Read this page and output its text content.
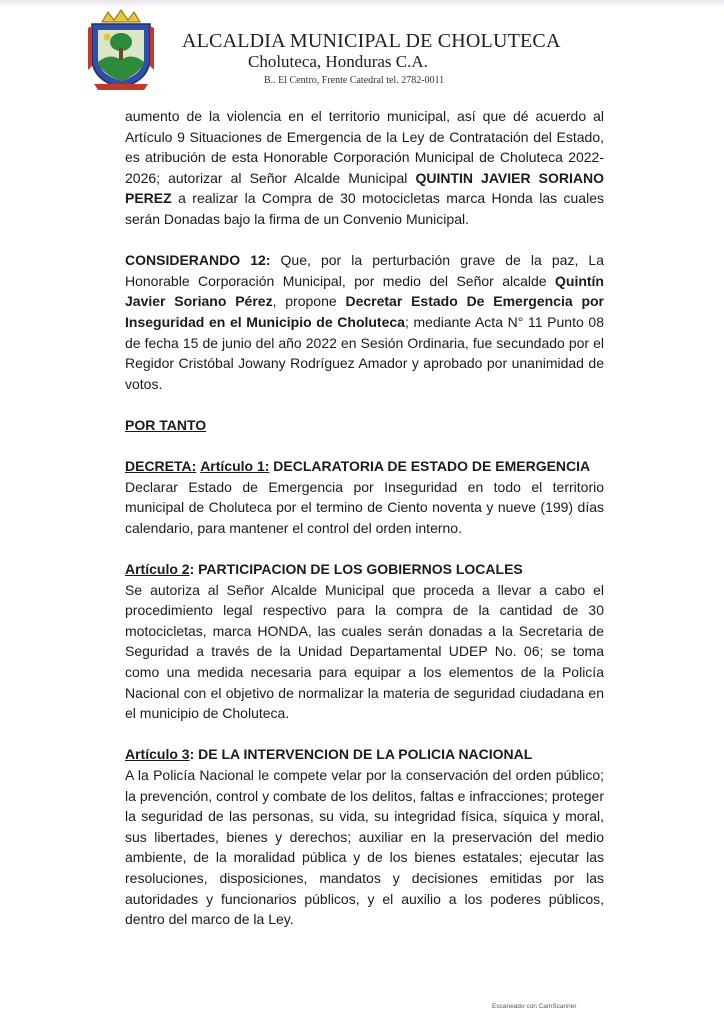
ALCALDIA MUNICIPAL DE CHOLUTECA
Choluteca, Honduras C.A.
B.. El Centro, Frente Catedral tel. 2782-0011

aumento de la violencia en el territorio municipal, así que dé acuerdo al Artículo 9 Situaciones de Emergencia de la Ley de Contratación del Estado, es atribución de esta Honorable Corporación Municipal de Choluteca 2022-2026; autorizar al Señor Alcalde Municipal QUINTIN JAVIER SORIANO PEREZ a realizar la Compra de 30 motocicletas marca Honda las cuales serán Donadas bajo la firma de un Convenio Municipal.

CONSIDERANDO 12: Que, por la perturbación grave de la paz, La Honorable Corporación Municipal, por medio del Señor alcalde Quintín Javier Soriano Pérez, propone Decretar Estado De Emergencia por Inseguridad en el Municipio de Choluteca; mediante Acta N° 11 Punto 08 de fecha 15 de junio del año 2022 en Sesión Ordinaria, fue secundado por el Regidor Cristóbal Jowany Rodríguez Amador y aprobado por unanimidad de votos.

POR TANTO

DECRETA: Artículo 1: DECLARATORIA DE ESTADO DE EMERGENCIA

Declarar Estado de Emergencia por Inseguridad en todo el territorio municipal de Choluteca por el termino de Ciento noventa y nueve (199) días calendario, para mantener el control del orden interno.

Artículo 2: PARTICIPACION DE LOS GOBIERNOS LOCALES

Se autoriza al Señor Alcalde Municipal que proceda a llevar a cabo el procedimiento legal respectivo para la compra de la cantidad de 30 motocicletas, marca HONDA, las cuales serán donadas a la Secretaria de Seguridad a través de la Unidad Departamental UDEP No. 06; se toma como una medida necesaria para equipar a los elementos de la Policía Nacional con el objetivo de normalizar la materia de seguridad ciudadana en el municipio de Choluteca.

Artículo 3: DE LA INTERVENCION DE LA POLICIA NACIONAL

A la Policía Nacional le compete velar por la conservación del orden público; la prevención, control y combate de los delitos, faltas e infracciones; proteger la seguridad de las personas, su vida, su integridad física, síquica y moral, sus libertades, bienes y derechos; auxiliar en la preservación del medio ambiente, de la moralidad pública y de los bienes estatales; ejecutar las resoluciones, disposiciones, mandatos y decisiones emitidas por las autoridades y funcionarios públicos, y el auxilio a los poderes públicos, dentro del marco de la Ley.

Escaneado con CamScanner
